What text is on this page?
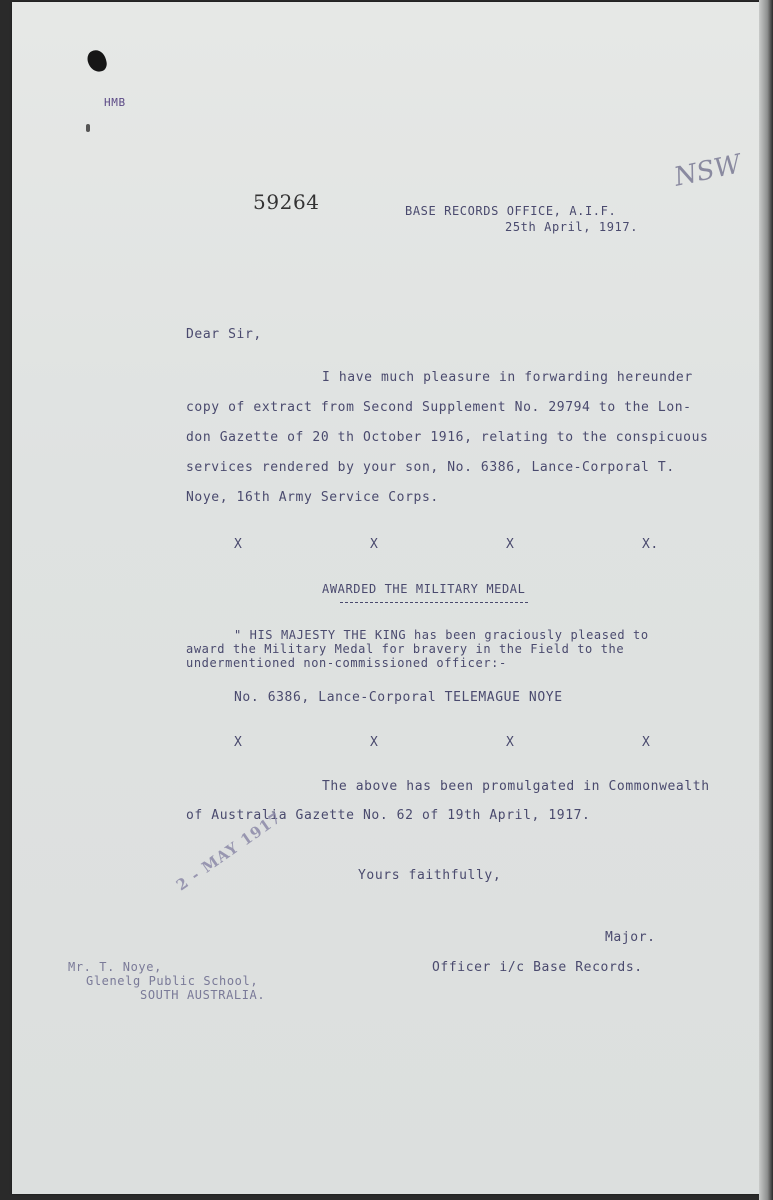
HMB
NSW
59264	BASE RECORDS OFFICE, A.I.F.
25th April, 1917.
Dear Sir,
I have much pleasure in forwarding hereunder
copy of extract from Second Supplement No. 29794 to the Lon-
don Gazette of 20 th October 1916, relating to the conspicuous
services rendered by your son, No. 6386, Lance-Corporal T.
Noye, 16th Army Service Corps.
X	X	X	X.
AWARDED THE MILITARY MEDAL
" HIS MAJESTY THE KING has been graciously pleased to
award the Military Medal for bravery in the Field to the
undermentioned non-commissioned officer:-
No. 6386, Lance-Corporal TELEMAGUE NOYE
X	X	X	X
The above has been promulgated in Commonwealth
of Australia Gazette No. 62 of 19th April, 1917.
Yours faithfully,
2 - MAY 1917
Major.
Officer i/c Base Records.
Mr. T. Noye,
Glenelg Public School,
SOUTH AUSTRALIA.
